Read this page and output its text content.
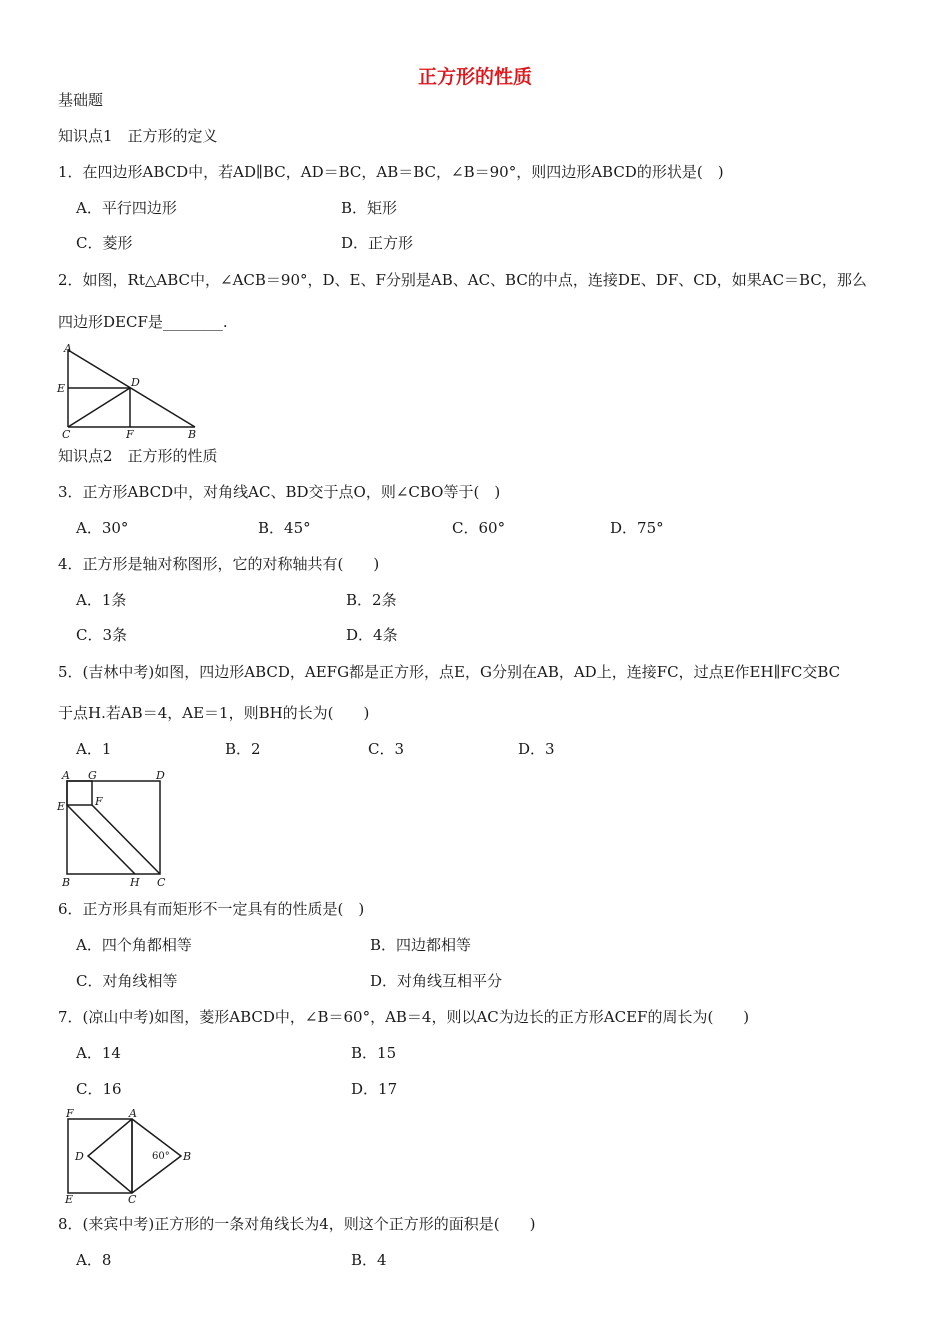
正方形的性质
基础题
知识点1　正方形的定义
1．在四边形ABCD中，若AD∥BC，AD＝BC，AB＝BC，∠B＝90°，则四边形ABCD的形状是(　)
A．平行四边形	B．矩形
C．菱形	D．正方形
2．如图，Rt△ABC中，∠ACB＝90°，D、E、F分别是AB、AC、BC的中点，连接DE、DF、CD，如果AC＝BC，那么
四边形DECF是________.
A
E	D
C	F	B
知识点2　正方形的性质
3．正方形ABCD中，对角线AC、BD交于点O，则∠CBO等于(　)
A．30°	B．45°	C．60°	D．75°
4．正方形是轴对称图形，它的对称轴共有(　　)
A．1条	B．2条
C．3条	D．4条
5．(吉林中考)如图，四边形ABCD，AEFG都是正方形，点E，G分别在AB，AD上，连接FC，过点E作EH∥FC交BC
于点H.若AB＝4，AE＝1，则BH的长为(　　)
A．1	B．2	C．3	D．3
A G	D
E	F
B	H C
6．正方形具有而矩形不一定具有的性质是(　)
A．四个角都相等	B．四边都相等
C．对角线相等	D．对角线互相平分
7．(凉山中考)如图，菱形ABCD中，∠B＝60°，AB＝4，则以AC为边长的正方形ACEF的周长为(　　)
A．14	B．15
C．16	D．17
F	A
D	B
60°
E	C
8．(来宾中考)正方形的一条对角线长为4，则这个正方形的面积是(　　)
A．8	B．4
